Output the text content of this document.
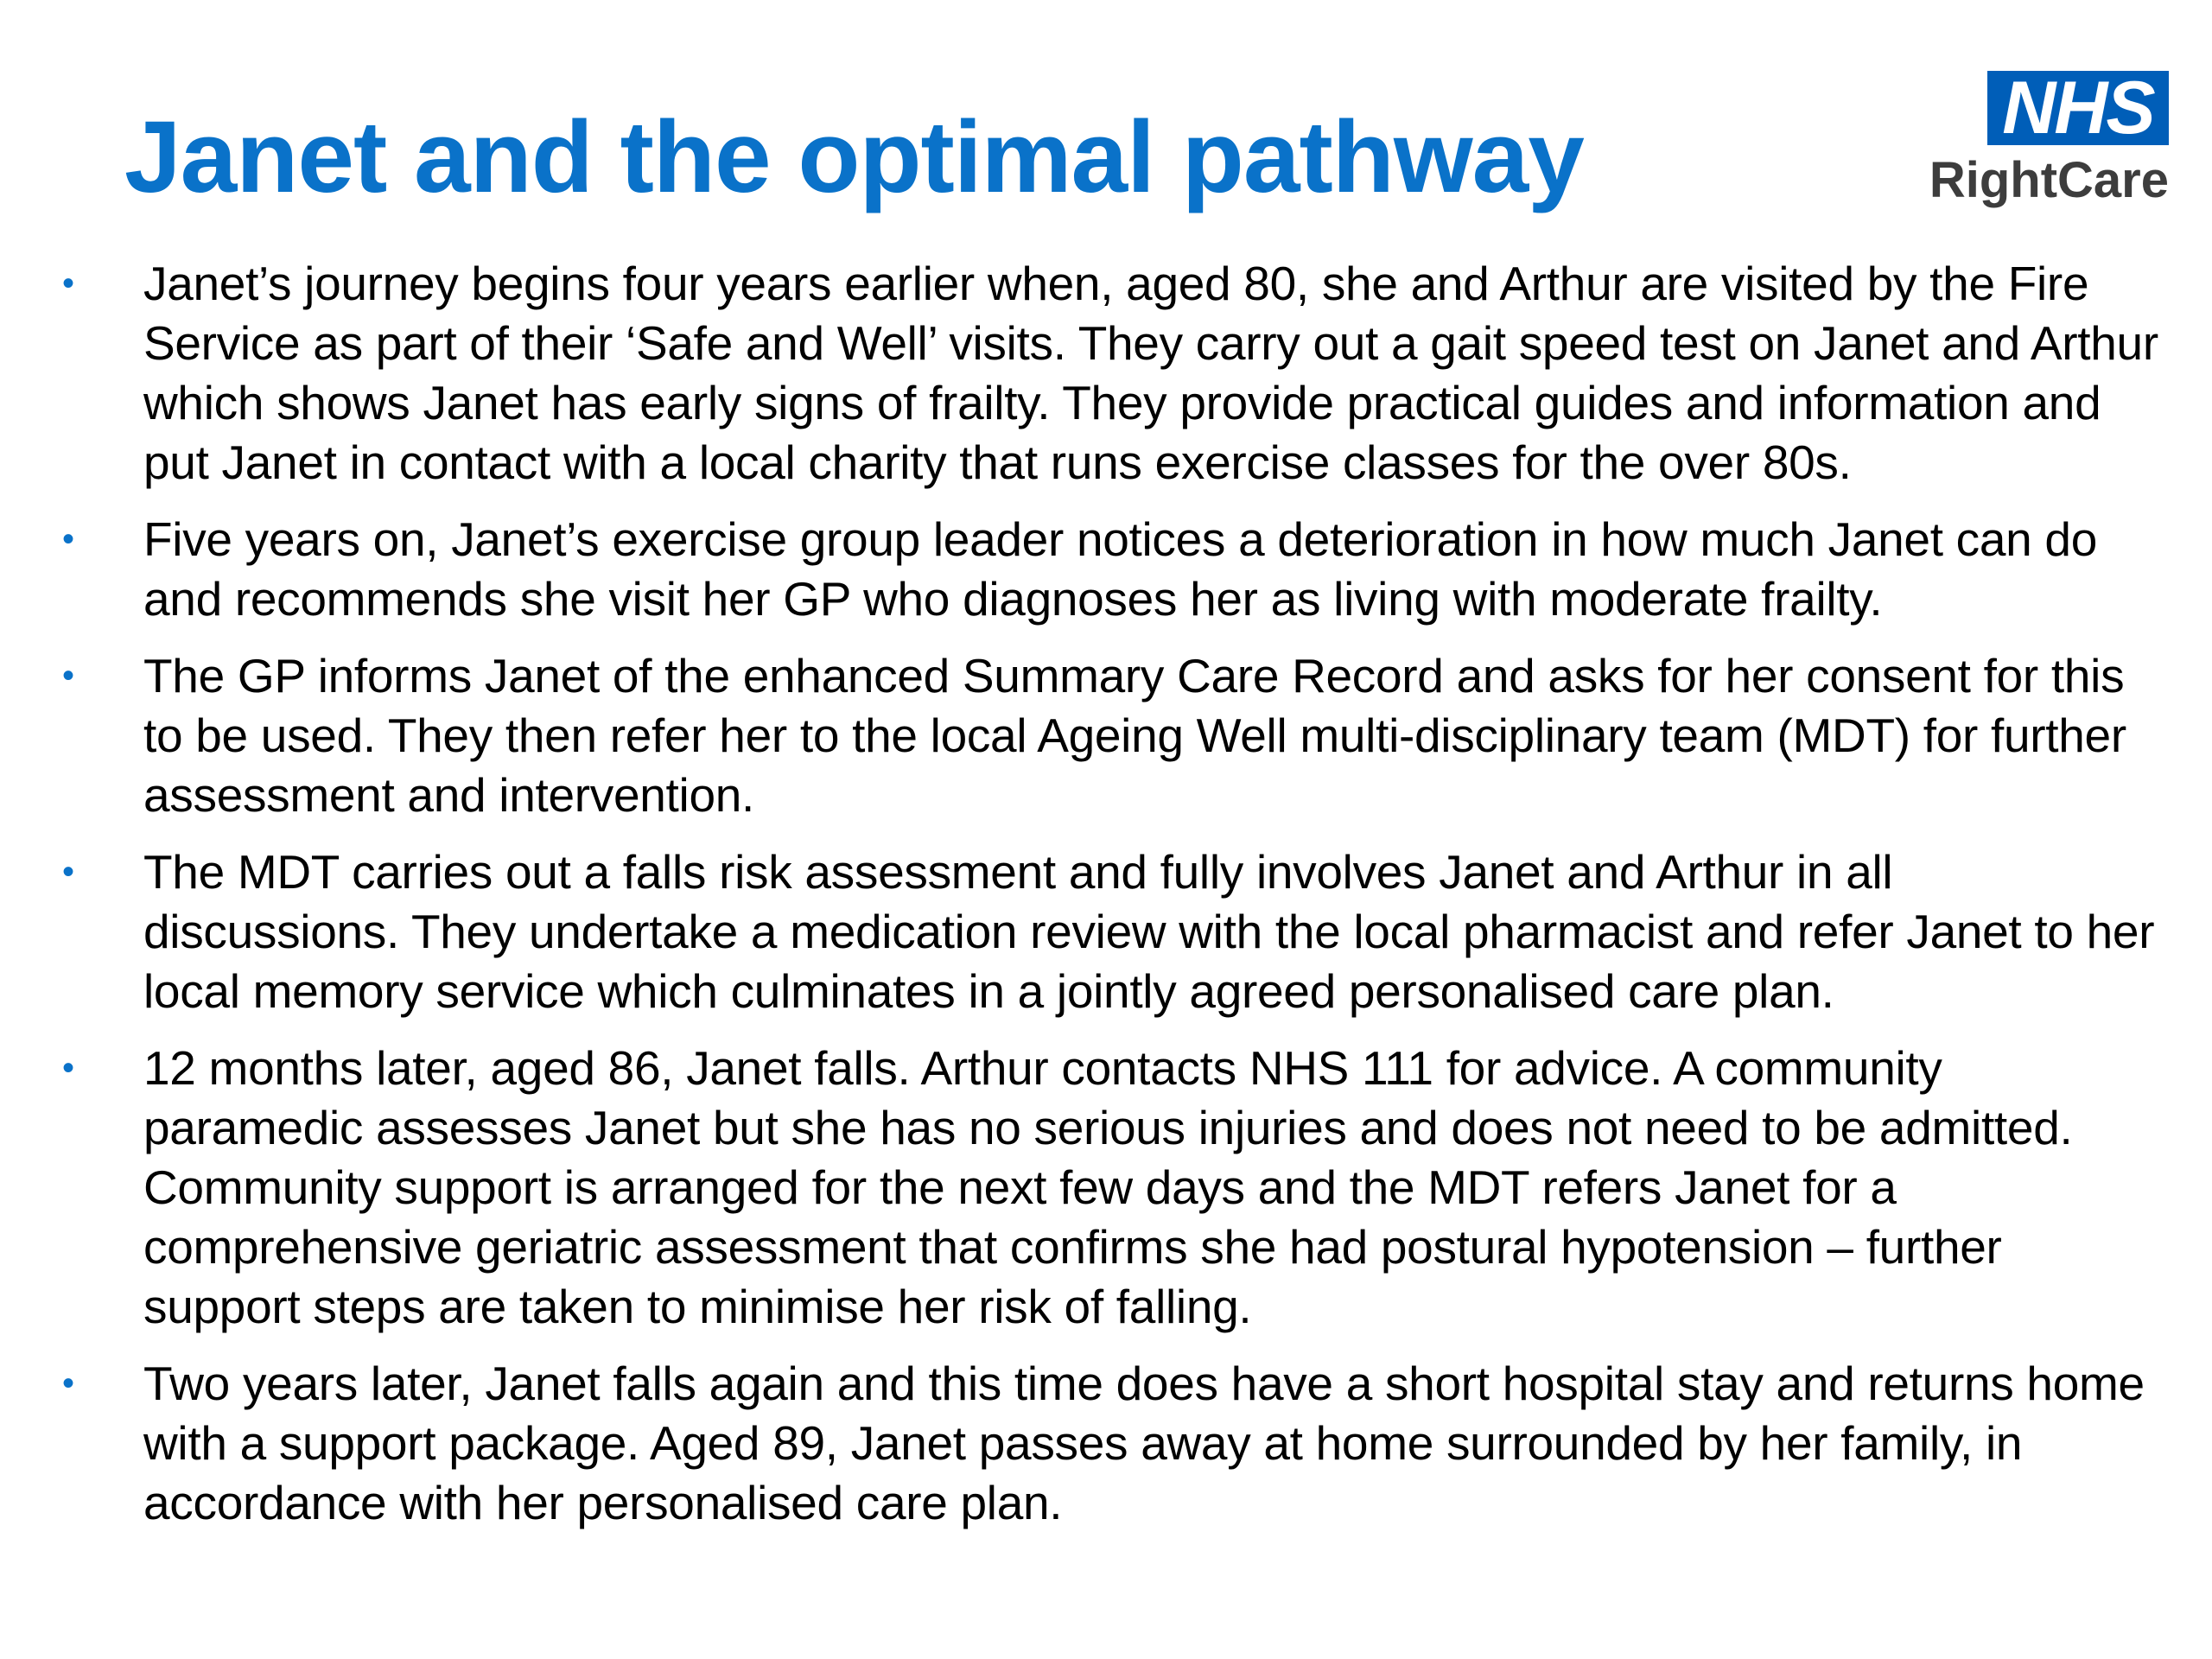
Janet and the optimal pathway	NHS
RightCare
• Janet’s journey begins four years earlier when, aged 80, she and Arthur are visited by the Fire Service as part of their ‘Safe and Well’ visits. They carry out a gait speed test on Janet and Arthur which shows Janet has early signs of frailty. They provide practical guides and information and put Janet in contact with a local charity that runs exercise classes for the over 80s.
• Five years on, Janet’s exercise group leader notices a deterioration in how much Janet can do and recommends she visit her GP who diagnoses her as living with moderate frailty.
• The GP informs Janet of the enhanced Summary Care Record and asks for her consent for this to be used. They then refer her to the local Ageing Well multi-disciplinary team (MDT) for further assessment and intervention.
• The MDT carries out a falls risk assessment and fully involves Janet and Arthur in all discussions. They undertake a medication review with the local pharmacist and refer Janet to her local memory service which culminates in a jointly agreed personalised care plan.
• 12 months later, aged 86, Janet falls. Arthur contacts NHS 111 for advice. A community paramedic assesses Janet but she has no serious injuries and does not need to be admitted. Community support is arranged for the next few days and the MDT refers Janet for a comprehensive geriatric assessment that confirms she had postural hypotension – further support steps are taken to minimise her risk of falling.
• Two years later, Janet falls again and this time does have a short hospital stay and returns home with a support package. Aged 89, Janet passes away at home surrounded by her family, in accordance with her personalised care plan.
